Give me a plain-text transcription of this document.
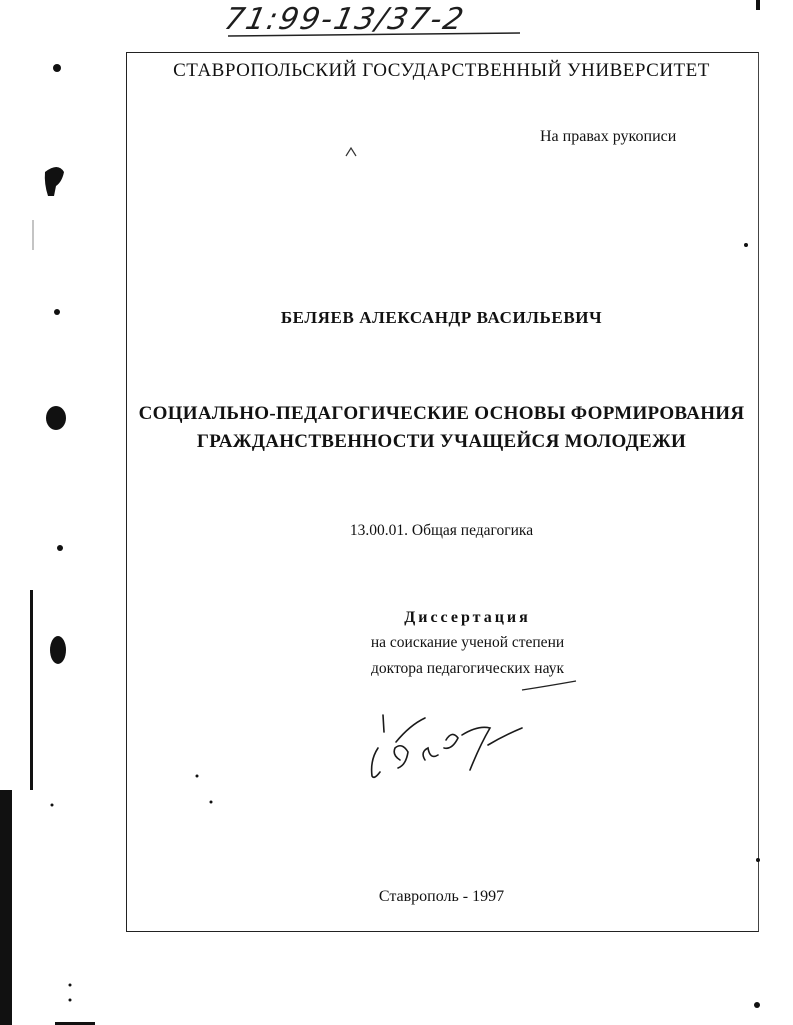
71:99-13/37-2
СТАВРОПОЛЬСКИЙ ГОСУДАРСТВЕННЫЙ УНИВЕРСИТЕТ
На правах рукописи
БЕЛЯЕВ АЛЕКСАНДР ВАСИЛЬЕВИЧ
СОЦИАЛЬНО-ПЕДАГОГИЧЕСКИЕ ОСНОВЫ ФОРМИРОВАНИЯ
ГРАЖДАНСТВЕННОСТИ УЧАЩЕЙСЯ МОЛОДЕЖИ
13.00.01. Общая педагогика
Диссертация
на соискание ученой степени
доктора педагогических наук
Ставрополь - 1997
